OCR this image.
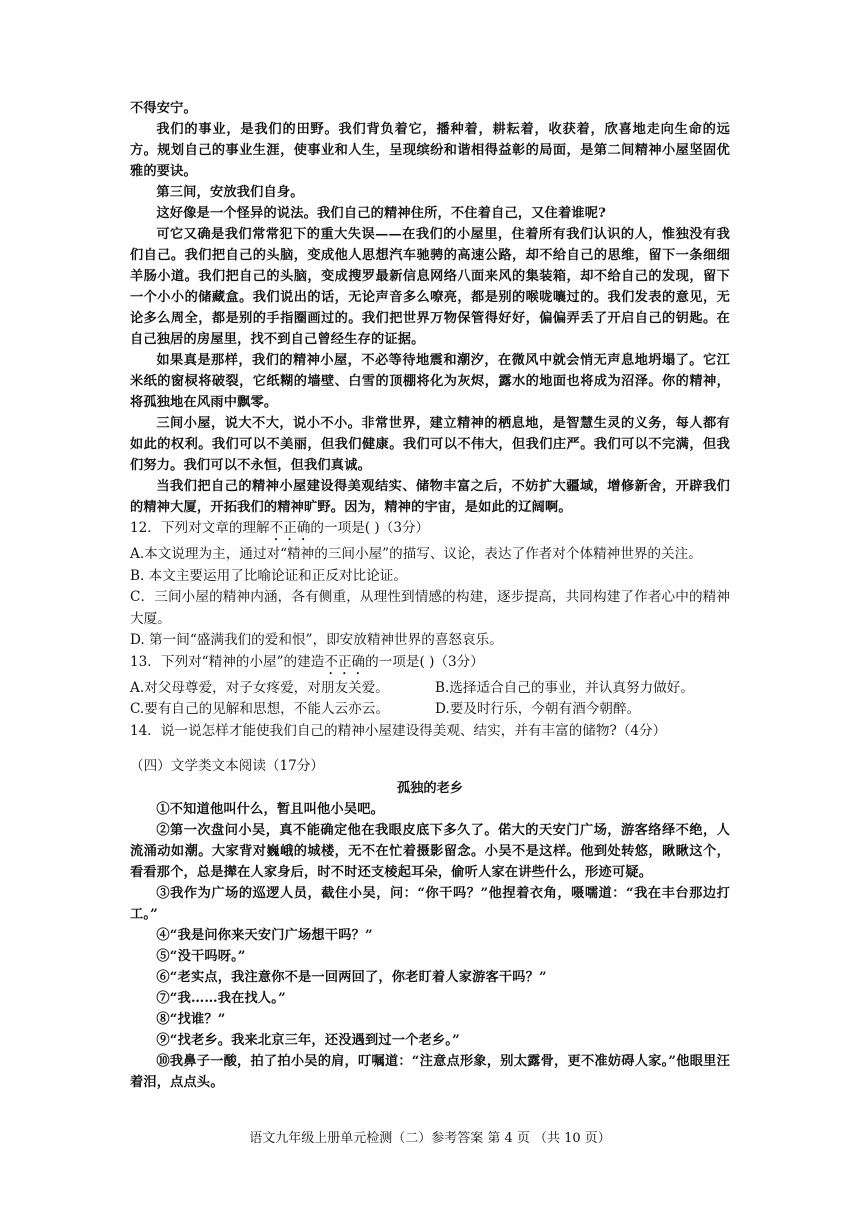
不得安宁。

我们的事业，是我们的田野。我们背负着它，播种着，耕耘着，收获着，欣喜地走向生命的远方。规划自己的事业生涯，使事业和人生，呈现缤纷和谐相得益彰的局面，是第二间精神小屋坚固优雅的要诀。

第三间，安放我们自身。

这好像是一个怪异的说法。我们自己的精神住所，不住着自己，又住着谁呢?

可它又确是我们常常犯下的重大失误——在我们的小屋里，住着所有我们认识的人，惟独没有我们自己。我们把自己的头脑，变成他人思想汽车驰骋的高速公路，却不给自己的思维，留下一条细细羊肠小道。我们把自己的头脑，变成搜罗最新信息网络八面来风的集装箱，却不给自己的发现，留下一个小小的储藏盒。我们说出的话，无论声音多么嘹亮，都是别的喉咙嚷过的。我们发表的意见，无论多么周全，都是别的手指圈画过的。我们把世界万物保管得好好，偏偏弄丢了开启自己的钥匙。在自己独居的房屋里，找不到自己曾经生存的证据。

如果真是那样，我们的精神小屋，不必等待地震和潮汐，在微风中就会悄无声息地坍塌了。它江米纸的窗棂将破裂，它纸糊的墙壁、白雪的顶棚将化为灰烬，露水的地面也将成为沼泽。你的精神，将孤独地在风雨中飘零。

三间小屋，说大不大，说小不小。非常世界，建立精神的栖息地，是智慧生灵的义务，每人都有如此的权利。我们可以不美丽，但我们健康。我们可以不伟大，但我们庄严。我们可以不完满，但我们努力。我们可以不永恒，但我们真诚。

当我们把自己的精神小屋建设得美观结实、储物丰富之后，不妨扩大疆域，增修新舍，开辟我们的精神大厦，开拓我们的精神旷野。因为，精神的宇宙，是如此的辽阔啊。

12．下列对文章的理解不正确的一项是( )（3分）

A.本文说理为主，通过对“精神的三间小屋”的描写、议论，表达了作者对个体精神世界的关注。

B. 本文主要运用了比喻论证和正反对比论证。

C．三间小屋的精神内涵，各有侧重，从理性到情感的构建，逐步提高，共同构建了作者心中的精神大厦。

D. 第一间“盛满我们的爱和恨”，即安放精神世界的喜怒哀乐。

13．下列对“精神的小屋”的建造不正确的一项是( )（3分）

A.对父母尊爱，对子女疼爱，对朋友关爱。	B.选择适合自己的事业，并认真努力做好。
C.要有自己的见解和思想，不能人云亦云。	D.要及时行乐，今朝有酒今朝醉。

14．说一说怎样才能使我们自己的精神小屋建设得美观、结实，并有丰富的储物?（4分）

（四）文学类文本阅读（17分）

孤独的老乡

①不知道他叫什么，暂且叫他小吴吧。

②第一次盘问小吴，真不能确定他在我眼皮底下多久了。偌大的天安门广场，游客络绎不绝，人流涌动如潮。大家背对巍峨的城楼，无不在忙着摄影留念。小吴不是这样。他到处转悠，瞅瞅这个，看看那个，总是撵在人家身后，时不时还支棱起耳朵，偷听人家在讲些什么，形迹可疑。

③我作为广场的巡逻人员，截住小吴，问：“你干吗？”他捏着衣角，嗫嚅道：“我在丰台那边打工。”

④“我是问你来天安门广场想干吗？”

⑤“没干吗呀。”

⑥“老实点，我注意你不是一回两回了，你老盯着人家游客干吗？”

⑦“我……我在找人。”

⑧“找谁？”

⑨“找老乡。我来北京三年，还没遇到过一个老乡。”

⑩我鼻子一酸，拍了拍小吴的肩，叮嘱道：“注意点形象，别太露骨，更不准妨碍人家。”他眼里汪着泪，点点头。

语文九年级上册单元检测（二）参考答案 第 4 页 （共 10 页）
